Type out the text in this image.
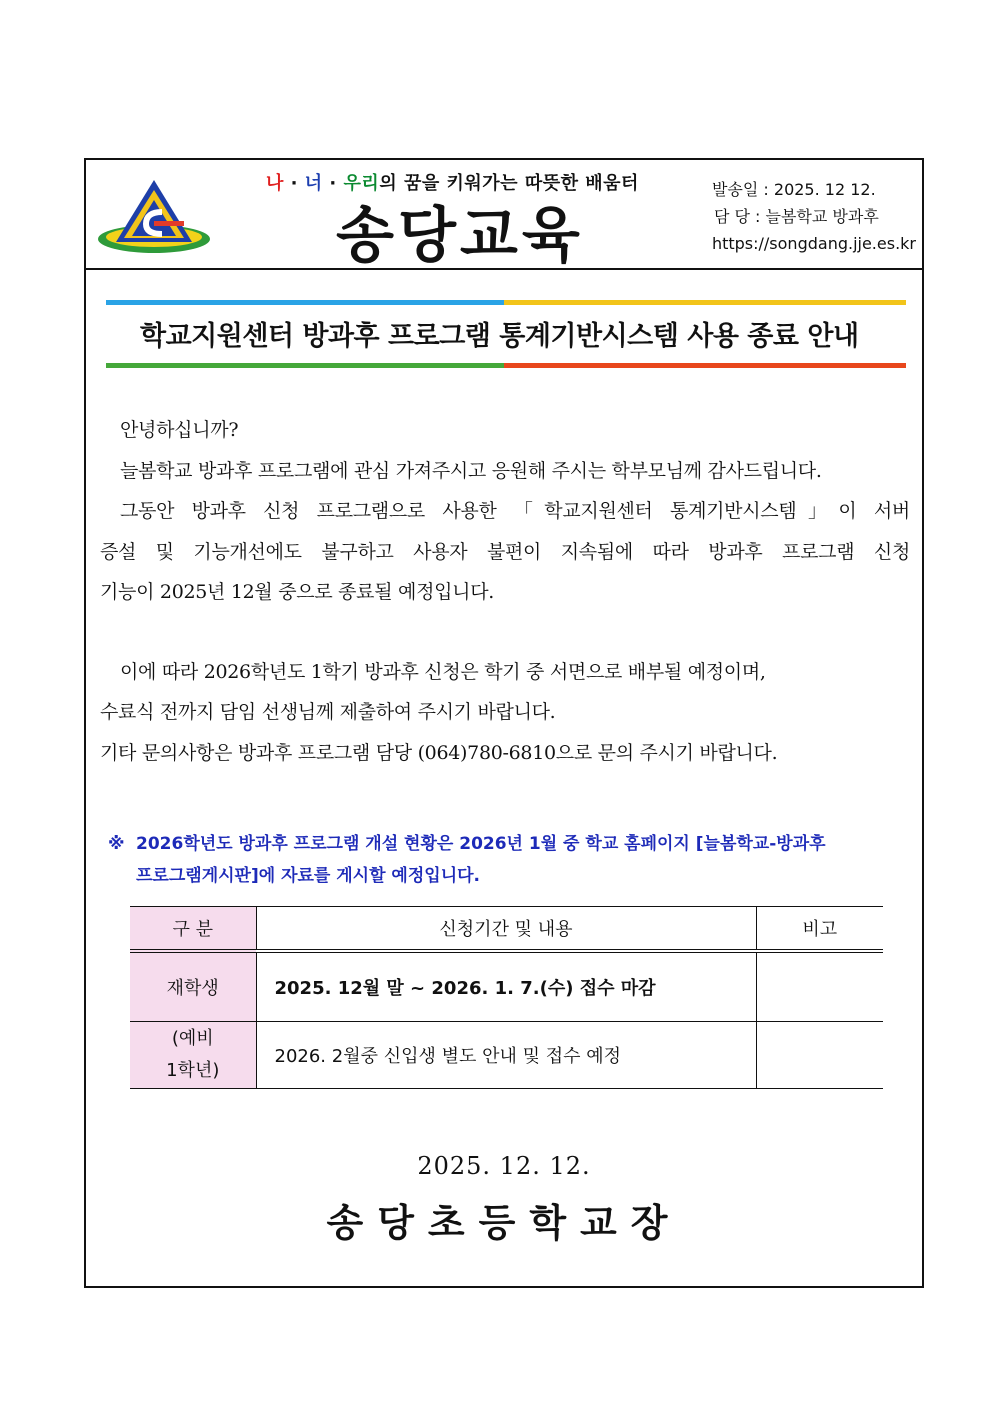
나 · 너 · 우리의 꿈을 키워가는 따뜻한 배움터
송당교육
발송일 : 2025. 12 12.
담 당 : 늘봄학교 방과후
https://songdang.jje.es.kr
학교지원센터 방과후 프로그램 통계기반시스템 사용 종료 안내

안녕하십니까?

늘봄학교 방과후 프로그램에 관심 가져주시고 응원해 주시는 학부모님께 감사드립니다.

그동안 방과후 신청 프로그램으로 사용한 「학교지원센터 통계기반시스템」이 서버

증설 및 기능개선에도 불구하고 사용자 불편이 지속됨에 따라 방과후 프로그램 신청

기능이 2025년 12월 중으로 종료될 예정입니다.

이에 따라 2026학년도 1학기 방과후 신청은 학기 중 서면으로 배부될 예정이며,

수료식 전까지 담임 선생님께 제출하여 주시기 바랍니다.

기타 문의사항은 방과후 프로그램 담당 (064)780-6810으로 문의 주시기 바랍니다.

※ 2026학년도 방과후 프로그램 개설 현황은 2026년 1월 중 학교 홈페이지 [늘봄학교-방과후
프로그램게시판]에 자료를 게시할 예정입니다.
구 분	신청기간 및 내용	비고
재학생	2025. 12월 말 ~ 2026. 1. 7.(수) 접수 마감	
(예비
1학년)	2026. 2월중 신입생 별도 안내 및 접수 예정	
2025. 12. 12.
송당초등학교장
